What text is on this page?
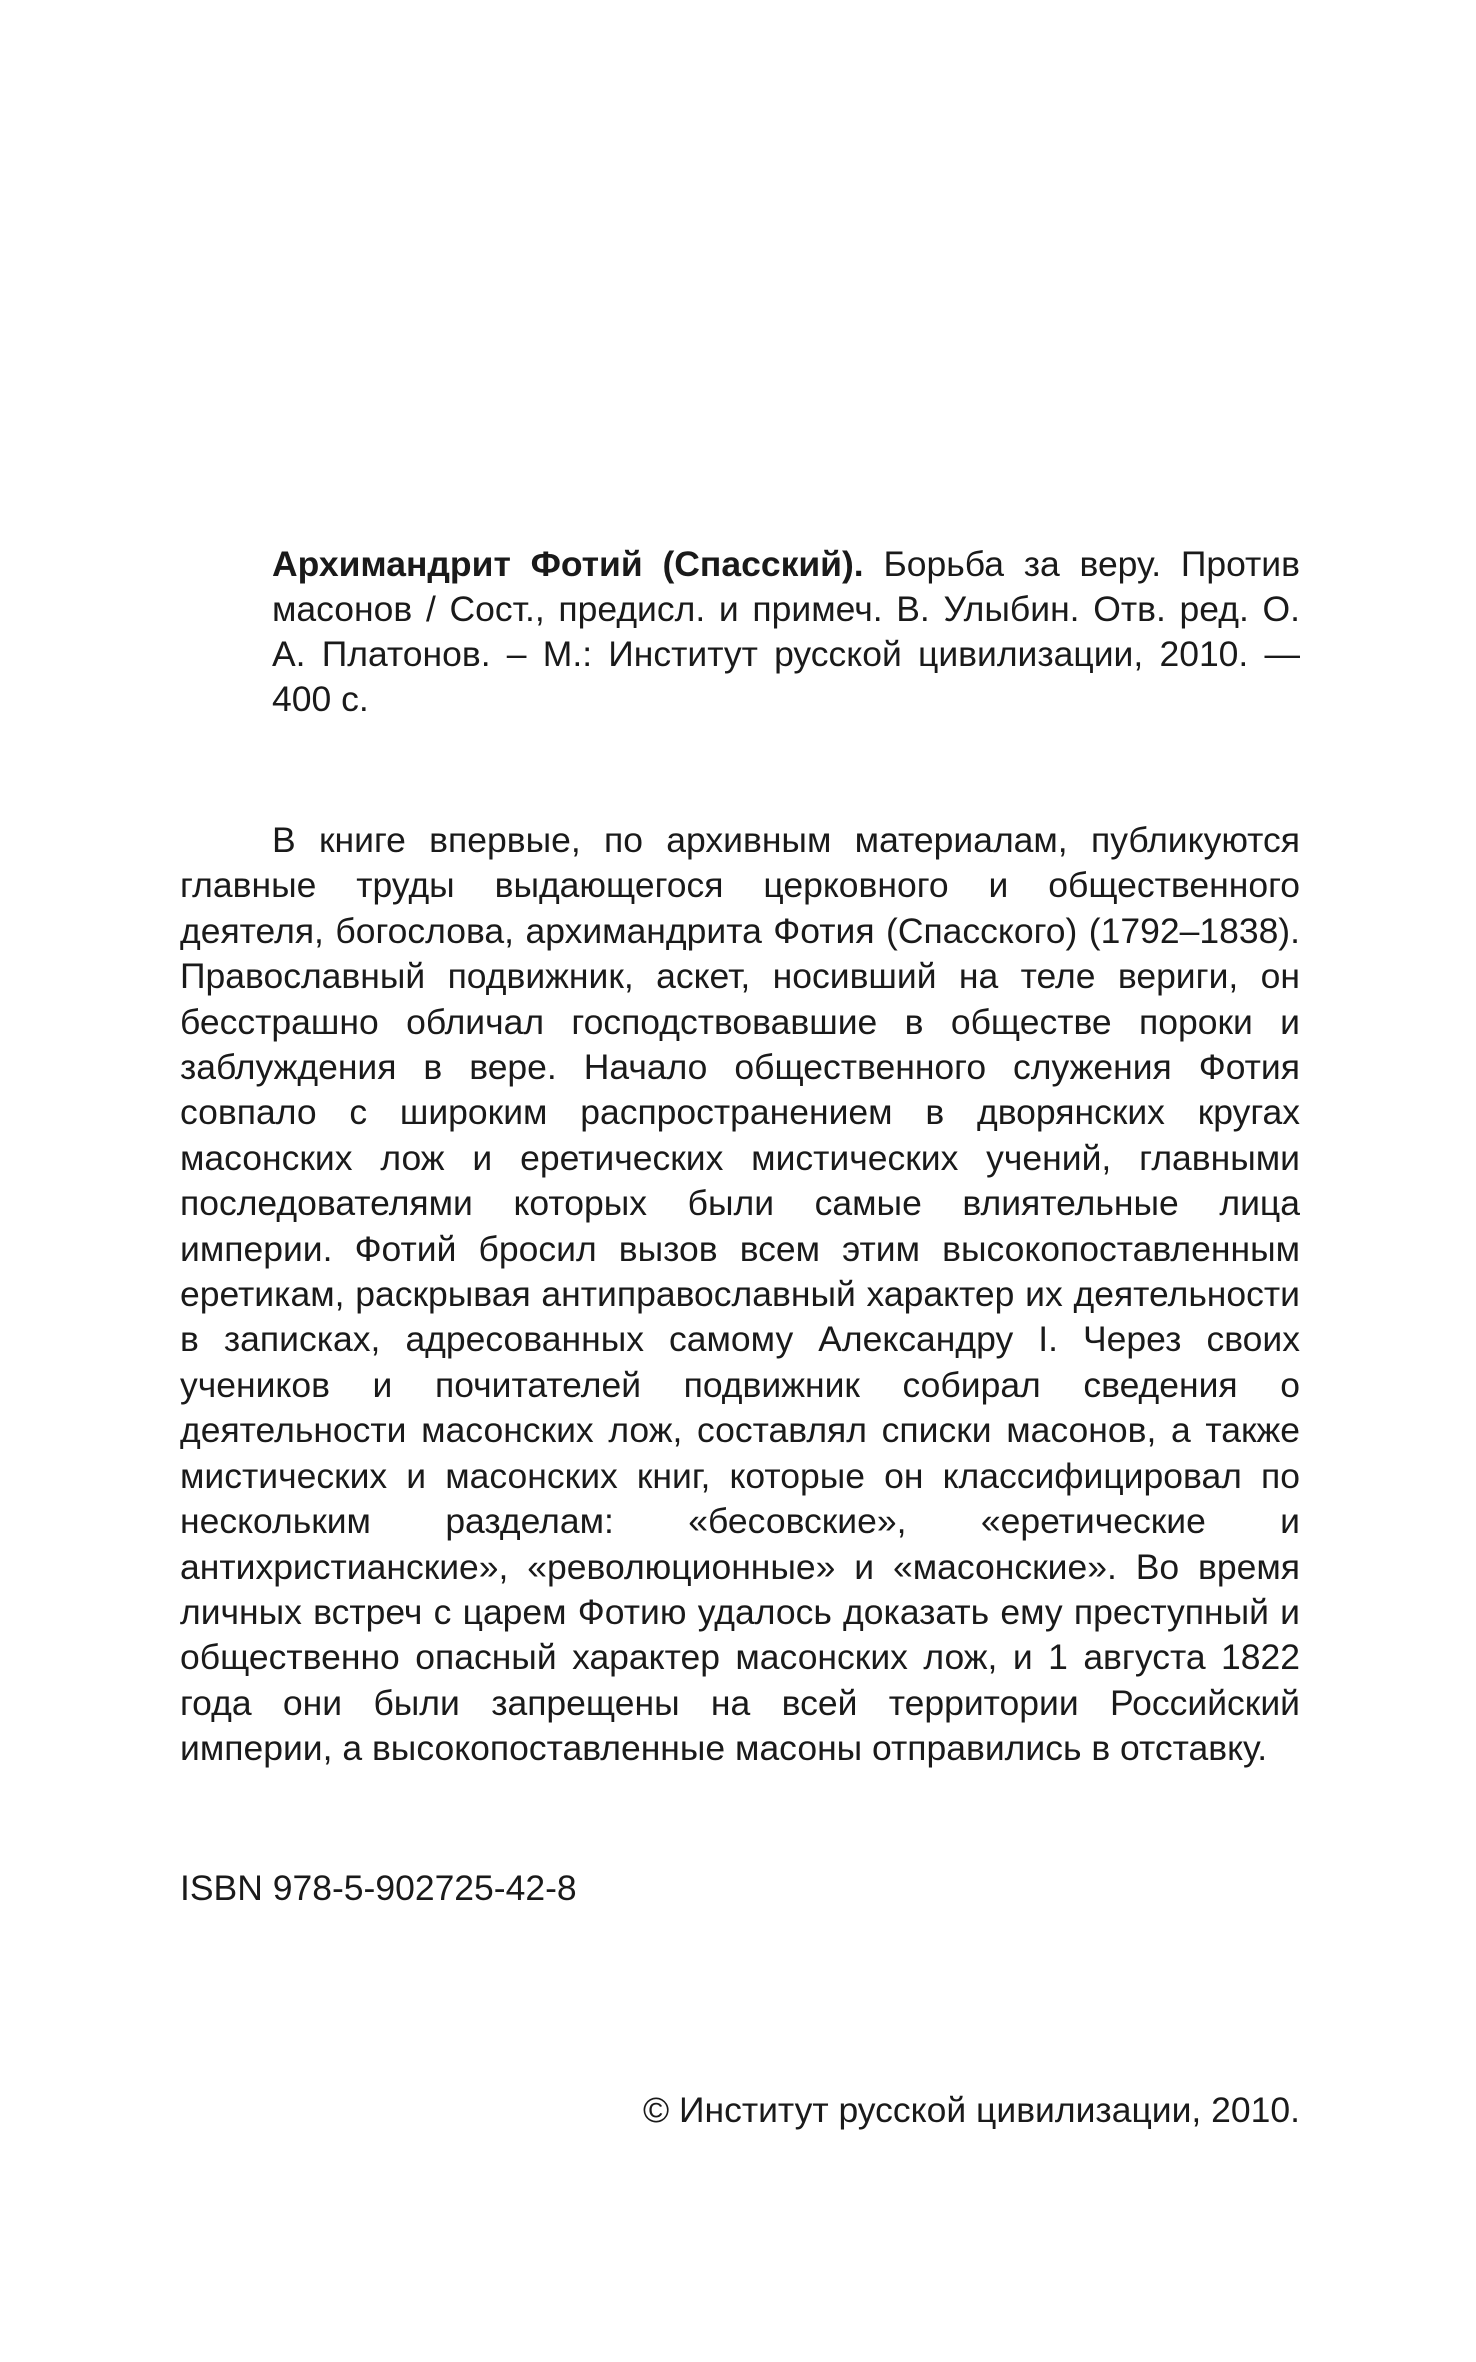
Архимандрит Фотий (Спасский). Борьба за веру. Против масонов / Сост., предисл. и примеч. В. Улыбин. Отв. ред. О. А. Платонов. – М.: Институт русской цивилизации, 2010. — 400 с.

В книге впервые, по архивным материалам, публикуются главные труды выдающегося церковного и общественного деятеля, богослова, архимандрита Фотия (Спасского) (1792–1838). Православный подвижник, аскет, носивший на теле вериги, он бесстрашно обличал господствовавшие в обществе пороки и заблуждения в вере. Начало общественного служения Фотия совпало с широким распространением в дворянских кругах масонских лож и еретических мистических учений, главными последователями которых были самые влиятельные лица империи. Фотий бросил вызов всем этим высокопоставленным еретикам, раскрывая антиправославный характер их деятельности в записках, адресованных самому Александру I. Через своих учеников и почитателей подвижник собирал сведения о деятельности масонских лож, составлял списки масонов, а также мистических и масонских книг, которые он классифицировал по нескольким разделам: «бесовские», «еретические и антихристианские», «революционные» и «масонские». Во время личных встреч с царем Фотию удалось доказать ему преступный и общественно опасный характер масонских лож, и 1 августа 1822 года они были запрещены на всей территории Российский империи, а высокопоставленные масоны отправились в отставку.

ISBN 978-5-902725-42-8
© Институт русской цивилизации, 2010.
